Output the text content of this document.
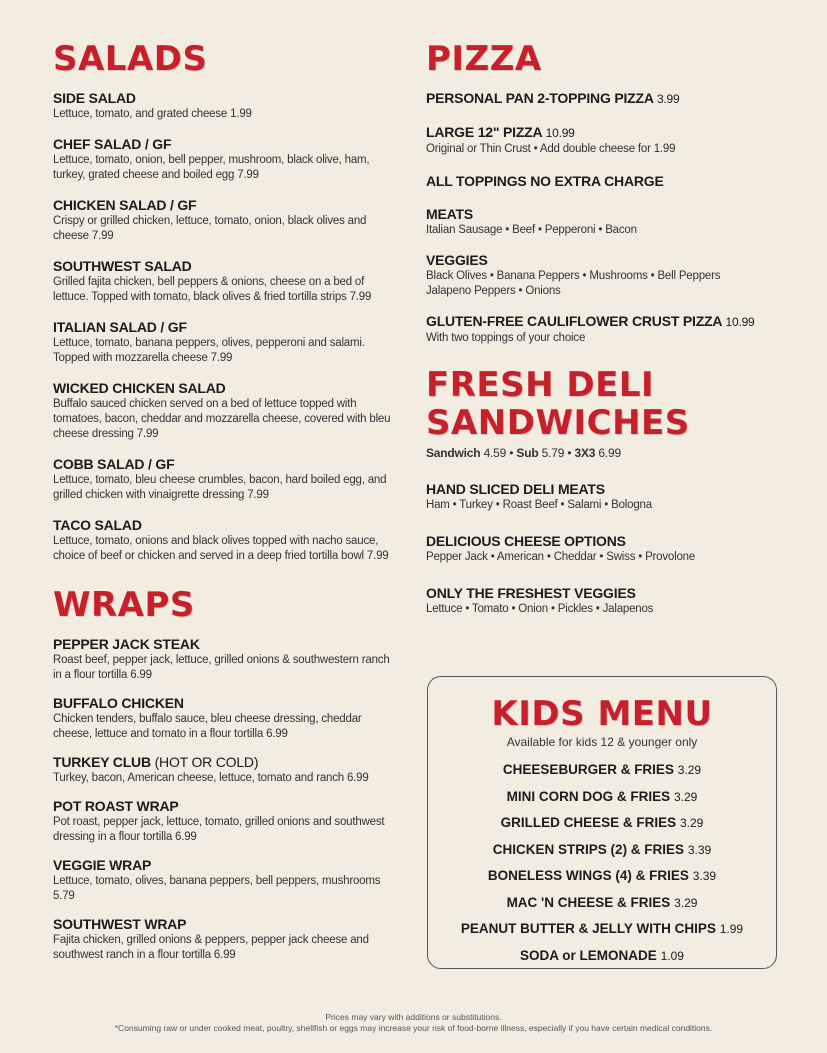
SALADS
SIDE SALAD
Lettuce, tomato, and grated cheese 1.99
CHEF SALAD / GF
Lettuce, tomato, onion, bell pepper, mushroom, black olive, ham, turkey, grated cheese and boiled egg 7.99
CHICKEN SALAD / GF
Crispy or grilled chicken, lettuce, tomato, onion, black olives and cheese 7.99
SOUTHWEST SALAD
Grilled fajita chicken, bell peppers & onions, cheese on a bed of lettuce. Topped with tomato, black olives & fried tortilla strips 7.99
ITALIAN SALAD / GF
Lettuce, tomato, banana peppers, olives, pepperoni and salami. Topped with mozzarella cheese 7.99
WICKED CHICKEN SALAD
Buffalo sauced chicken served on a bed of lettuce topped with tomatoes, bacon, cheddar and mozzarella cheese, covered with bleu cheese dressing 7.99
COBB SALAD / GF
Lettuce, tomato, bleu cheese crumbles, bacon, hard boiled egg, and grilled chicken with vinaigrette dressing 7.99
TACO SALAD
Lettuce, tomato, onions and black olives topped with nacho sauce, choice of beef or chicken and served in a deep fried tortilla bowl 7.99
WRAPS
PEPPER JACK STEAK
Roast beef, pepper jack, lettuce, grilled onions & southwestern ranch in a flour tortilla 6.99
BUFFALO CHICKEN
Chicken tenders, buffalo sauce, bleu cheese dressing, cheddar cheese, lettuce and tomato in a flour tortilla 6.99
TURKEY CLUB (HOT OR COLD)
Turkey, bacon, American cheese, lettuce, tomato and ranch 6.99
POT ROAST WRAP
Pot roast, pepper jack, lettuce, tomato, grilled onions and southwest dressing in a flour tortilla 6.99
VEGGIE WRAP
Lettuce, tomato, olives, banana peppers, bell peppers, mushrooms 5.79
SOUTHWEST WRAP
Fajita chicken, grilled onions & peppers, pepper jack cheese and southwest ranch in a flour tortilla 6.99
PIZZA
PERSONAL PAN 2-TOPPING PIZZA 3.99
LARGE 12" PIZZA 10.99
Original or Thin Crust • Add double cheese for 1.99
ALL TOPPINGS NO EXTRA CHARGE
MEATS
Italian Sausage • Beef • Pepperoni • Bacon
VEGGIES
Black Olives • Banana Peppers • Mushrooms • Bell Peppers Jalapeno Peppers • Onions
GLUTEN-FREE CAULIFLOWER CRUST PIZZA 10.99
With two toppings of your choice
FRESH DELI
SANDWICHES
Sandwich 4.59 • Sub 5.79 • 3X3 6.99
HAND SLICED DELI MEATS
Ham • Turkey • Roast Beef • Salami • Bologna
DELICIOUS CHEESE OPTIONS
Pepper Jack • American • Cheddar • Swiss • Provolone
ONLY THE FRESHEST VEGGIES
Lettuce • Tomato • Onion • Pickles • Jalapenos
KIDS MENU
Available for kids 12 & younger only
CHEESEBURGER & FRIES 3.29
MINI CORN DOG & FRIES 3.29
GRILLED CHEESE & FRIES 3.29
CHICKEN STRIPS (2) & FRIES 3.39
BONELESS WINGS (4) & FRIES 3.39
MAC 'N CHEESE & FRIES 3.29
PEANUT BUTTER & JELLY WITH CHIPS 1.99
SODA or LEMONADE 1.09
Prices may vary with additions or substitutions.
*Consuming raw or under cooked meat, poultry, shellfish or eggs may increase your risk of food-borne illness, especially if you have certain medical conditions.
